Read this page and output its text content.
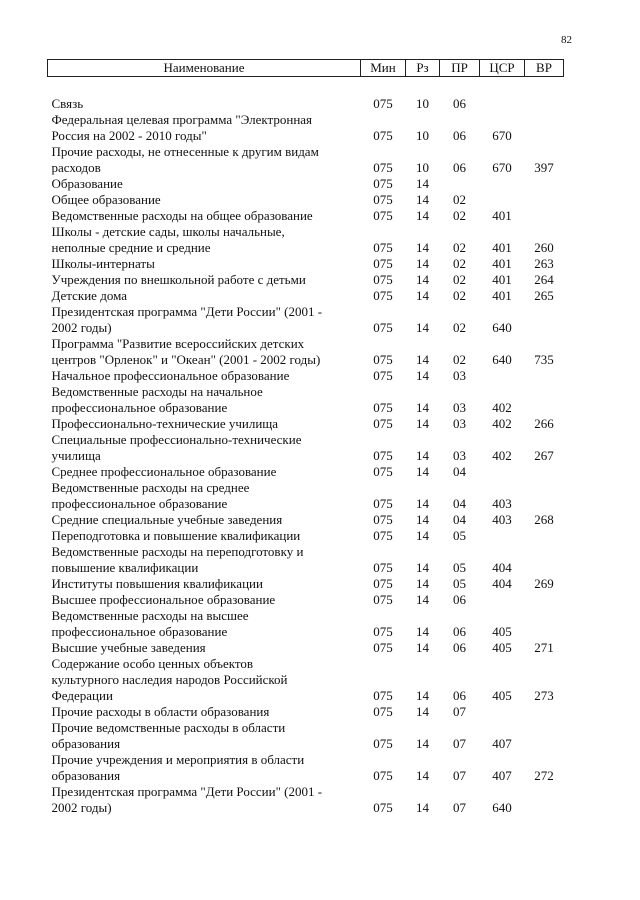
82
Наименование	Мин	Рз	ПР	ЦСР	ВР

Связь	075	10	06		

Федеральная целевая программа "Электронная
Россия на 2002 - 2010 годы"	075	10	06	670	

Прочие расходы, не отнесенные к другим видам
расходов	075	10	06	670	397

Образование	075	14			

Общее образование	075	14	02		

Ведомственные расходы на общее образование	075	14	02	401	

Школы - детские сады, школы начальные,
неполные средние и средние	075	14	02	401	260

Школы-интернаты	075	14	02	401	263

Учреждения по внешкольной работе с детьми	075	14	02	401	264

Детские дома	075	14	02	401	265

Президентская программа "Дети России" (2001 -
2002 годы)	075	14	02	640	

Программа "Развитие всероссийских детских
центров "Орленок" и "Океан" (2001 - 2002 годы)	075	14	02	640	735

Начальное профессиональное образование	075	14	03		

Ведомственные расходы на начальное
профессиональное образование	075	14	03	402	

Профессионально-технические училища	075	14	03	402	266

Специальные профессионально-технические
училища	075	14	03	402	267

Среднее профессиональное образование	075	14	04		

Ведомственные расходы на среднее
профессиональное образование	075	14	04	403	

Средние специальные учебные заведения	075	14	04	403	268

Переподготовка и повышение квалификации	075	14	05		

Ведомственные расходы на переподготовку и
повышение квалификации	075	14	05	404	

Институты повышения квалификации	075	14	05	404	269

Высшее профессиональное образование	075	14	06		

Ведомственные расходы на высшее
профессиональное образование	075	14	06	405	

Высшие учебные заведения	075	14	06	405	271

Содержание особо ценных объектов
культурного наследия народов Российской
Федерации	075	14	06	405	273

Прочие расходы в области образования	075	14	07		

Прочие ведомственные расходы в области
образования	075	14	07	407	

Прочие учреждения и мероприятия в области
образования	075	14	07	407	272

Президентская программа "Дети России" (2001 -
2002 годы)	075	14	07	640	
